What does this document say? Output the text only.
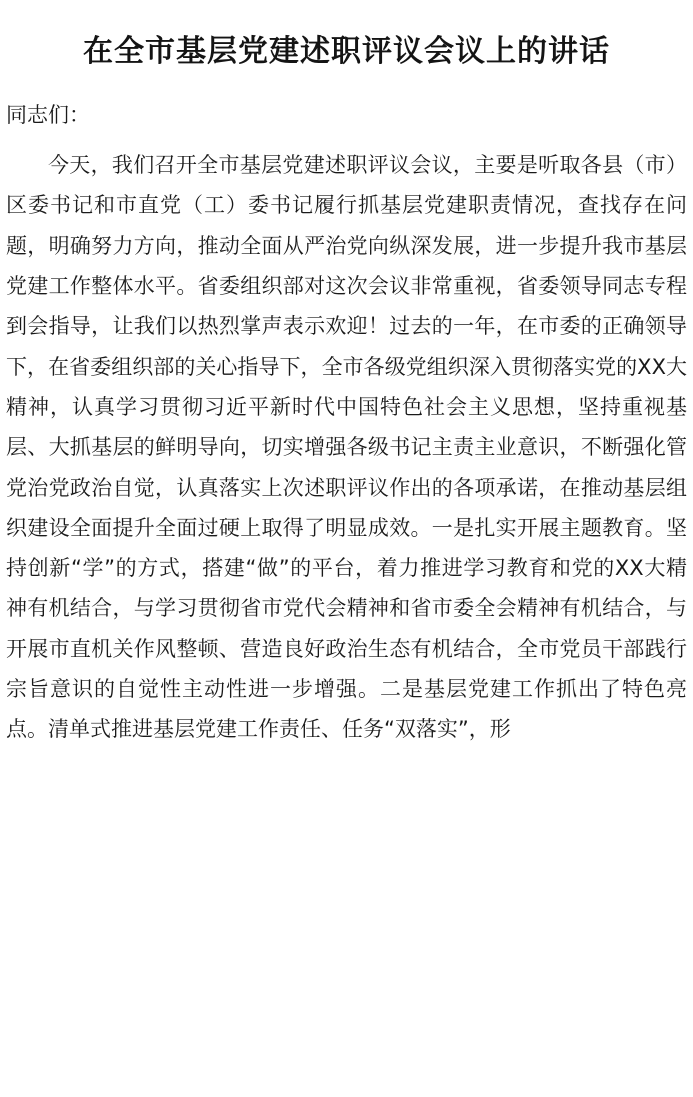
在全市基层党建述职评议会议上的讲话

同志们：

今天，我们召开全市基层党建述职评议会议，主要是听取各县（市）区委书记和市直党（工）委书记履行抓基层党建职责情况，查找存在问题，明确努力方向，推动全面从严治党向纵深发展，进一步提升我市基层党建工作整体水平。省委组织部对这次会议非常重视，省委领导同志专程到会指导，让我们以热烈掌声表示欢迎！过去的一年，在市委的正确领导下，在省委组织部的关心指导下，全市各级党组织深入贯彻落实党的XX大精神，认真学习贯彻习近平新时代中国特色社会主义思想，坚持重视基层、大抓基层的鲜明导向，切实增强各级书记主责主业意识，不断强化管党治党政治自觉，认真落实上次述职评议作出的各项承诺，在推动基层组织建设全面提升全面过硬上取得了明显成效。一是扎实开展主题教育。坚持创新“学”的方式，搭建“做”的平台，着力推进学习教育和党的XX大精神有机结合，与学习贯彻省市党代会精神和省市委全会精神有机结合，与开展市直机关作风整顿、营造良好政治生态有机结合，全市党员干部践行宗旨意识的自觉性主动性进一步增强。二是基层党建工作抓出了特色亮点。清单式推进基层党建工作责任、任务“双落实”，形
